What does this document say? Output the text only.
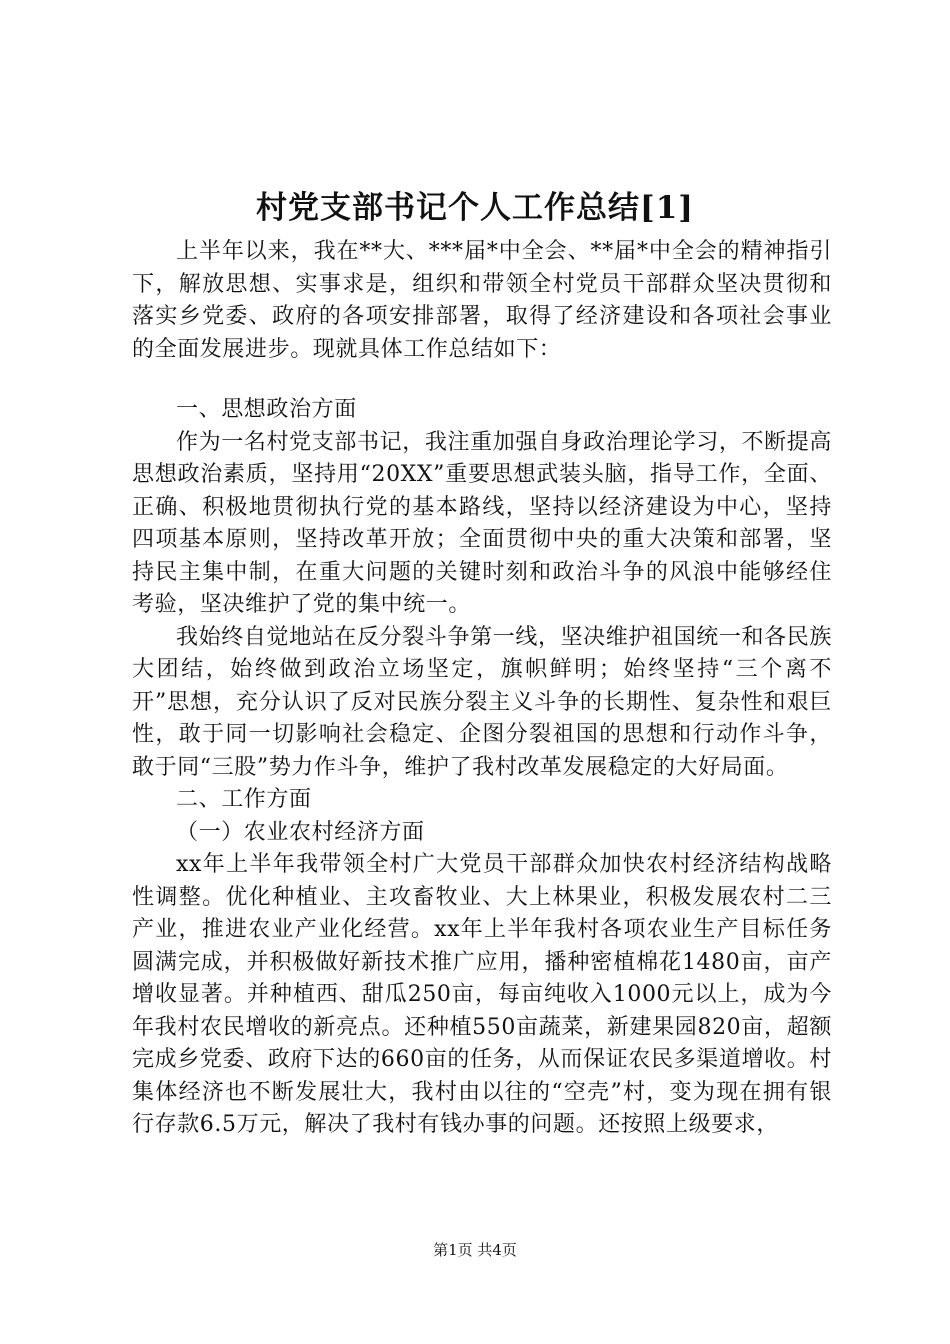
村党支部书记个人工作总结[1]

上半年以来，我在**大、***届*中全会、**届*中全会的精神指引下，解放思想、实事求是，组织和带领全村党员干部群众坚决贯彻和落实乡党委、政府的各项安排部署，取得了经济建设和各项社会事业的全面发展进步。现就具体工作总结如下：

一、思想政治方面

作为一名村党支部书记，我注重加强自身政治理论学习，不断提高思想政治素质，坚持用“20XX”重要思想武装头脑，指导工作，全面、正确、积极地贯彻执行党的基本路线，坚持以经济建设为中心，坚持四项基本原则，坚持改革开放；全面贯彻中央的重大决策和部署，坚持民主集中制，在重大问题的关键时刻和政治斗争的风浪中能够经住考验，坚决维护了党的集中统一。

我始终自觉地站在反分裂斗争第一线，坚决维护祖国统一和各民族大团结，始终做到政治立场坚定，旗帜鲜明；始终坚持“三个离不开”思想，充分认识了反对民族分裂主义斗争的长期性、复杂性和艰巨性，敢于同一切影响社会稳定、企图分裂祖国的思想和行动作斗争，敢于同“三股”势力作斗争，维护了我村改革发展稳定的大好局面。

二、工作方面

（一）农业农村经济方面

xx年上半年我带领全村广大党员干部群众加快农村经济结构战略性调整。优化种植业、主攻畜牧业、大上林果业，积极发展农村二三产业，推进农业产业化经营。xx年上半年我村各项农业生产目标任务圆满完成，并积极做好新技术推广应用，播种密植棉花1480亩，亩产增收显著。并种植西、甜瓜250亩，每亩纯收入1000元以上，成为今年我村农民增收的新亮点。还种植550亩蔬菜，新建果园820亩，超额完成乡党委、政府下达的660亩的任务，从而保证农民多渠道增收。村集体经济也不断发展壮大，我村由以往的“空壳”村，变为现在拥有银行存款6.5万元，解决了我村有钱办事的问题。还按照上级要求，

第1页 共4页
